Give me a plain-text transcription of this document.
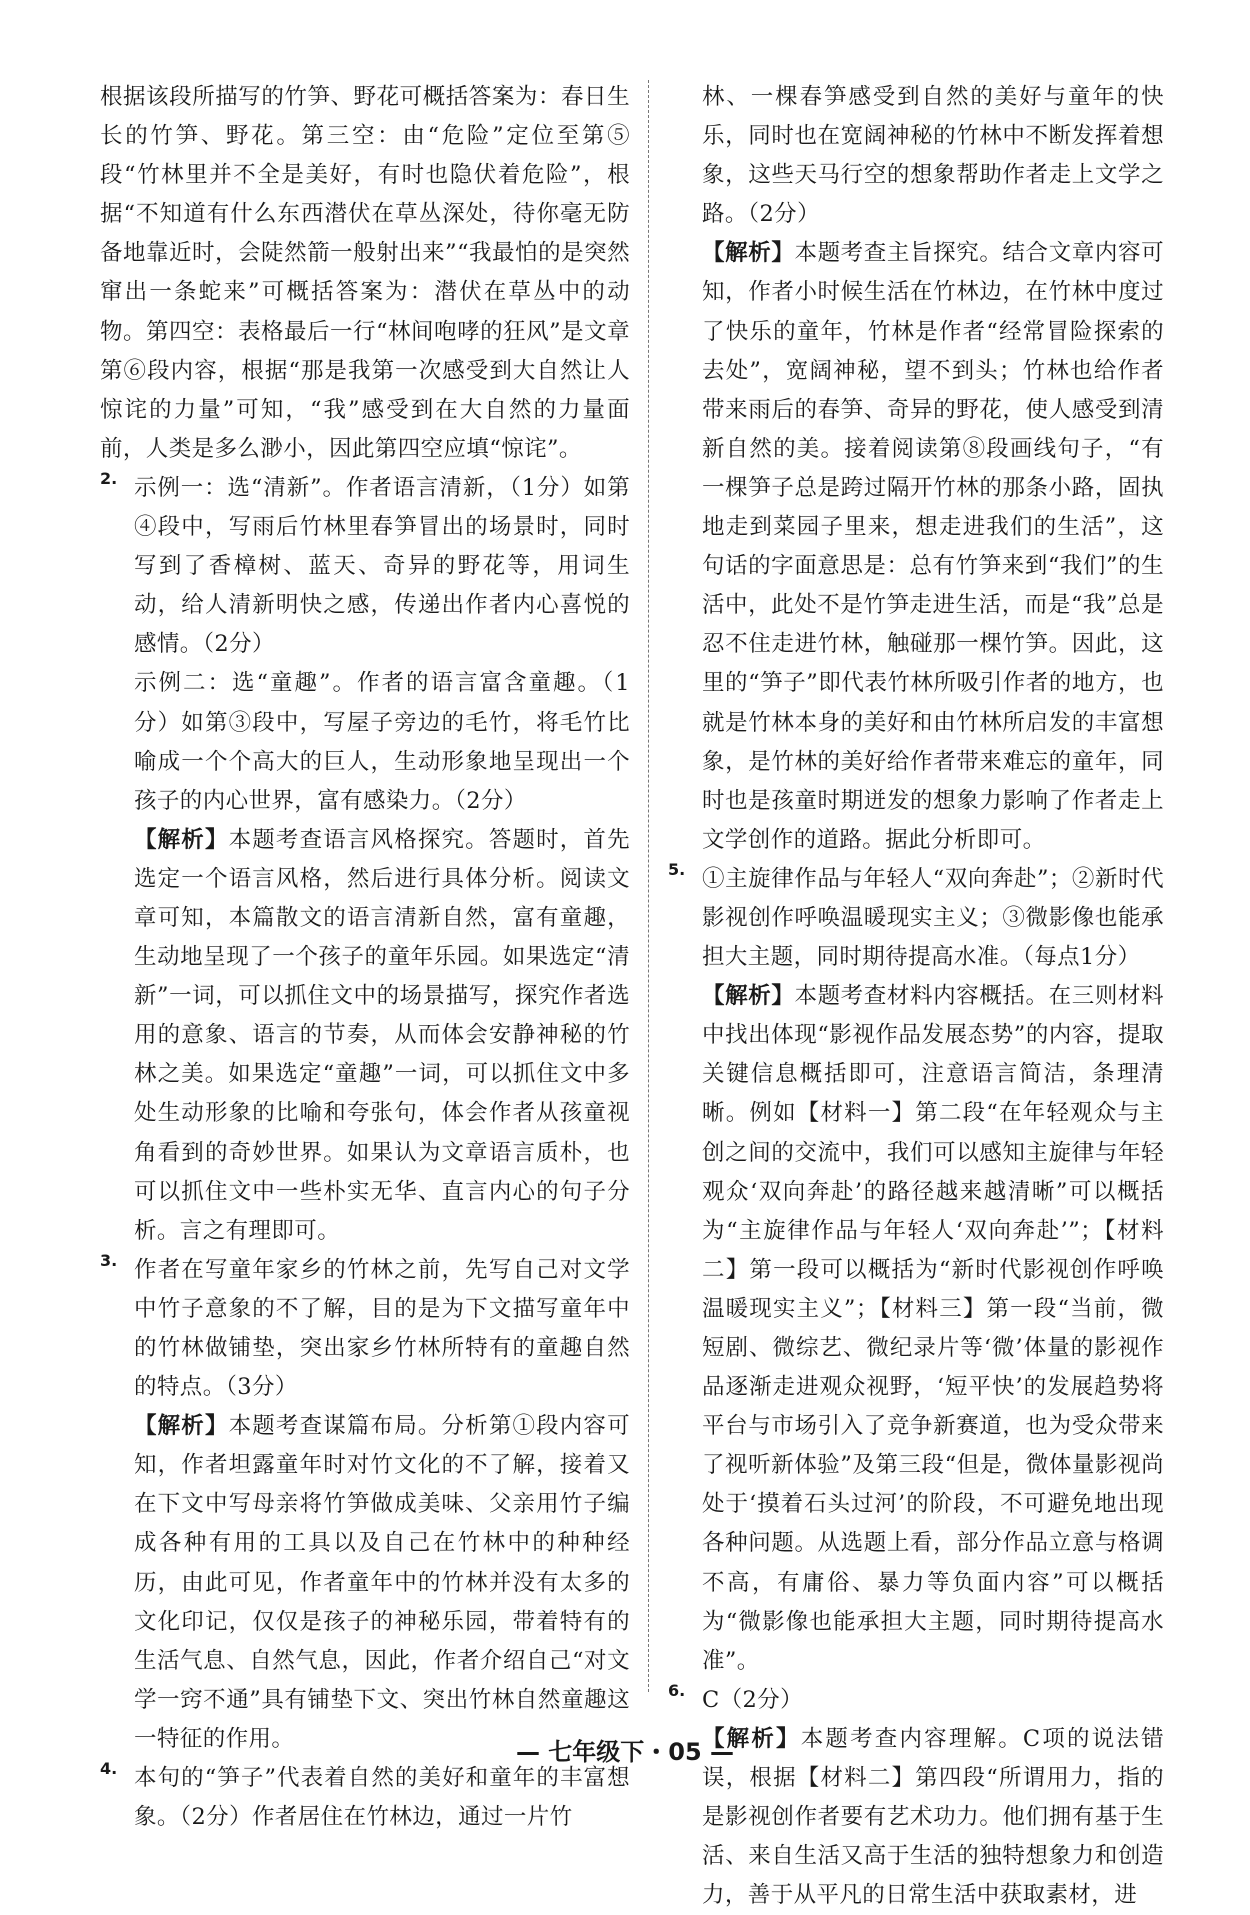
根据该段所描写的竹笋、野花可概括答案为：春日生长的竹笋、野花。第三空：由“危险”定位至第⑤段“竹林里并不全是美好，有时也隐伏着危险”，根据“不知道有什么东西潜伏在草丛深处，待你毫无防备地靠近时，会陡然箭一般射出来”“我最怕的是突然窜出一条蛇来”可概括答案为：潜伏在草丛中的动物。第四空：表格最后一行“林间咆哮的狂风”是文章第⑥段内容，根据“那是我第一次感受到大自然让人惊诧的力量”可知，“我”感受到在大自然的力量面前，人类是多么渺小，因此第四空应填“惊诧”。

2. 示例一：选“清新”。作者语言清新，（1分）如第④段中，写雨后竹林里春笋冒出的场景时，同时写到了香樟树、蓝天、奇异的野花等，用词生动，给人清新明快之感，传递出作者内心喜悦的感情。（2分）

示例二：选“童趣”。作者的语言富含童趣。（1分）如第③段中，写屋子旁边的毛竹，将毛竹比喻成一个个高大的巨人，生动形象地呈现出一个孩子的内心世界，富有感染力。（2分）

【解析】本题考查语言风格探究。答题时，首先选定一个语言风格，然后进行具体分析。阅读文章可知，本篇散文的语言清新自然，富有童趣，生动地呈现了一个孩子的童年乐园。如果选定“清新”一词，可以抓住文中的场景描写，探究作者选用的意象、语言的节奏，从而体会安静神秘的竹林之美。如果选定“童趣”一词，可以抓住文中多处生动形象的比喻和夸张句，体会作者从孩童视角看到的奇妙世界。如果认为文章语言质朴，也可以抓住文中一些朴实无华、直言内心的句子分析。言之有理即可。

3. 作者在写童年家乡的竹林之前，先写自己对文学中竹子意象的不了解，目的是为下文描写童年中的竹林做铺垫，突出家乡竹林所特有的童趣自然的特点。（3分）

【解析】本题考查谋篇布局。分析第①段内容可知，作者坦露童年时对竹文化的不了解，接着又在下文中写母亲将竹笋做成美味、父亲用竹子编成各种有用的工具以及自己在竹林中的种种经历，由此可见，作者童年中的竹林并没有太多的文化印记，仅仅是孩子的神秘乐园，带着特有的生活气息、自然气息，因此，作者介绍自己“对文学一窍不通”具有铺垫下文、突出竹林自然童趣这一特征的作用。

4. 本句的“笋子”代表着自然的美好和童年的丰富想象。（2分）作者居住在竹林边，通过一片竹

林、一棵春笋感受到自然的美好与童年的快乐，同时也在宽阔神秘的竹林中不断发挥着想象，这些天马行空的想象帮助作者走上文学之路。（2分）

【解析】本题考查主旨探究。结合文章内容可知，作者小时候生活在竹林边，在竹林中度过了快乐的童年，竹林是作者“经常冒险探索的去处”，宽阔神秘，望不到头；竹林也给作者带来雨后的春笋、奇异的野花，使人感受到清新自然的美。接着阅读第⑧段画线句子，“有一棵笋子总是跨过隔开竹林的那条小路，固执地走到菜园子里来，想走进我们的生活”，这句话的字面意思是：总有竹笋来到“我们”的生活中，此处不是竹笋走进生活，而是“我”总是忍不住走进竹林，触碰那一棵竹笋。因此，这里的“笋子”即代表竹林所吸引作者的地方，也就是竹林本身的美好和由竹林所启发的丰富想象，是竹林的美好给作者带来难忘的童年，同时也是孩童时期迸发的想象力影响了作者走上文学创作的道路。据此分析即可。

5. ①主旋律作品与年轻人“双向奔赴”；②新时代影视创作呼唤温暖现实主义；③微影像也能承担大主题，同时期待提高水准。（每点1分）

【解析】本题考查材料内容概括。在三则材料中找出体现“影视作品发展态势”的内容，提取关键信息概括即可，注意语言简洁，条理清晰。例如【材料一】第二段“在年轻观众与主创之间的交流中，我们可以感知主旋律与年轻观众‘双向奔赴’的路径越来越清晰”可以概括为“主旋律作品与年轻人‘双向奔赴’”；【材料二】第一段可以概括为“新时代影视创作呼唤温暖现实主义”；【材料三】第一段“当前，微短剧、微综艺、微纪录片等‘微’体量的影视作品逐渐走进观众视野，‘短平快’的发展趋势将平台与市场引入了竞争新赛道，也为受众带来了视听新体验”及第三段“但是，微体量影视尚处于‘摸着石头过河’的阶段，不可避免地出现各种问题。从选题上看，部分作品立意与格调不高，有庸俗、暴力等负面内容”可以概括为“微影像也能承担大主题，同时期待提高水准”。

6. C（2分）

【解析】本题考查内容理解。C项的说法错误，根据【材料二】第四段“所谓用力，指的是影视创作者要有艺术功力。他们拥有基于生活、来自生活又高于生活的独特想象力和创造力，善于从平凡的日常生活中获取素材，进

— 七年级下・05 —
